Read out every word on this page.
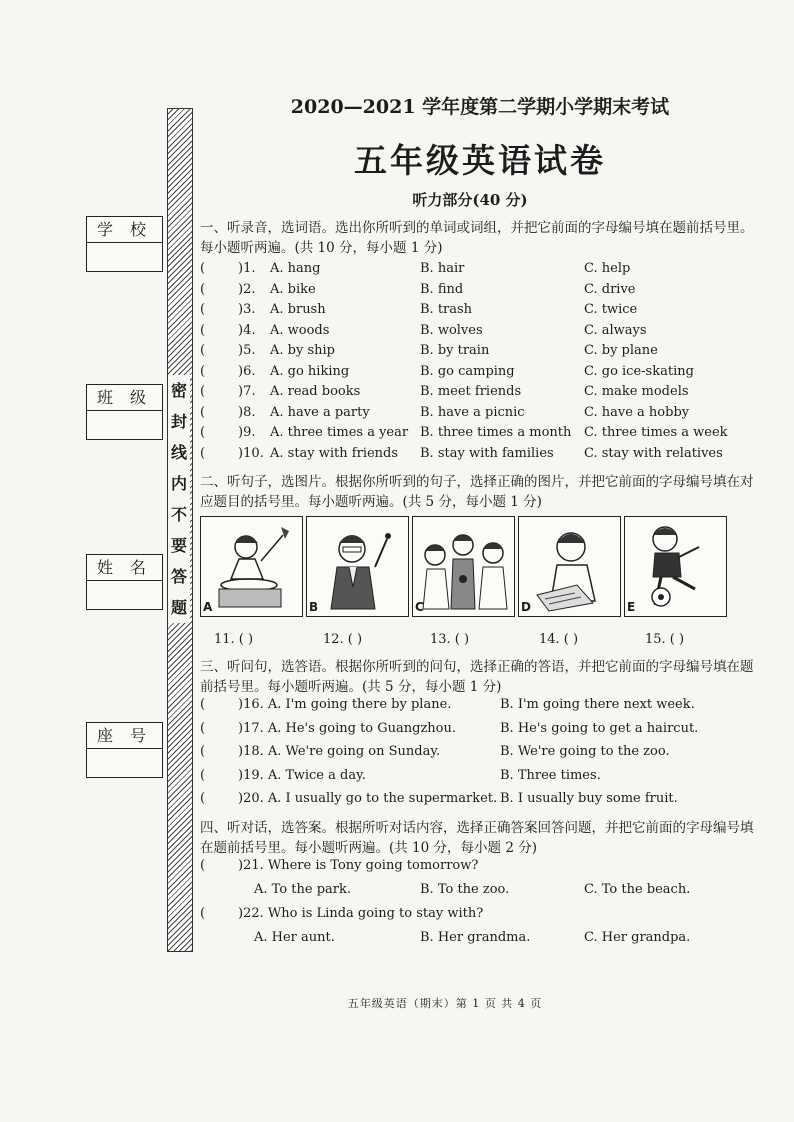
学 校
班 级
姓 名
座 号
密
封
线
内
不
要
答
题
2020—2021 学年度第二学期小学期末考试
五年级英语试卷
听力部分(40 分)
一、听录音，选词语。选出你所听到的单词或词组，并把它前面的字母编号填在题前括号里。每小题听两遍。(共 10 分，每小题 1 分)
(	)1. A. hang	B. hair	C. help
(	)2. A. bike	B. find	C. drive
(	)3. A. brush	B. trash	C. twice
(	)4. A. woods	B. wolves	C. always
(	)5. A. by ship	B. by train	C. by plane
(	)6. A. go hiking	B. go camping	C. go ice-skating
(	)7. A. read books	B. meet friends	C. make models
(	)8. A. have a party	B. have a picnic	C. have a hobby
(	)9. A. three times a year B. three times a month C. three times a week
(	)10. A. stay with friends B. stay with families C. stay with relatives
二、听句子，选图片。根据你所听到的句子，选择正确的图片，并把它前面的字母编号填在对应题目的括号里。每小题听两遍。(共 5 分，每小题 1 分)
A	B	C	D	E
11. ( )	12. ( )	13. ( )	14. ( )	15. ( )
三、听问句，选答语。根据你所听到的问句，选择正确的答语，并把它前面的字母编号填在题前括号里。每小题听两遍。(共 5 分，每小题 1 分)
(	)16. A. I'm going there by plane.	B. I'm going there next week.
(	)17. A. He's going to Guangzhou.	B. He's going to get a haircut.
(	)18. A. We're going on Sunday.	B. We're going to the zoo.
(	)19. A. Twice a day.	B. Three times.
(	)20. A. I usually go to the supermarket. B. I usually buy some fruit.
四、听对话，选答案。根据所听对话内容，选择正确答案回答问题，并把它前面的字母编号填在题前括号里。每小题听两遍。(共 10 分，每小题 2 分)
(	)21. Where is Tony going tomorrow?
A. To the park.	B. To the zoo.	C. To the beach.
(	)22. Who is Linda going to stay with?
A. Her aunt.	B. Her grandma.	C. Her grandpa.
五年级英语（期末）第 1 页 共 4 页
